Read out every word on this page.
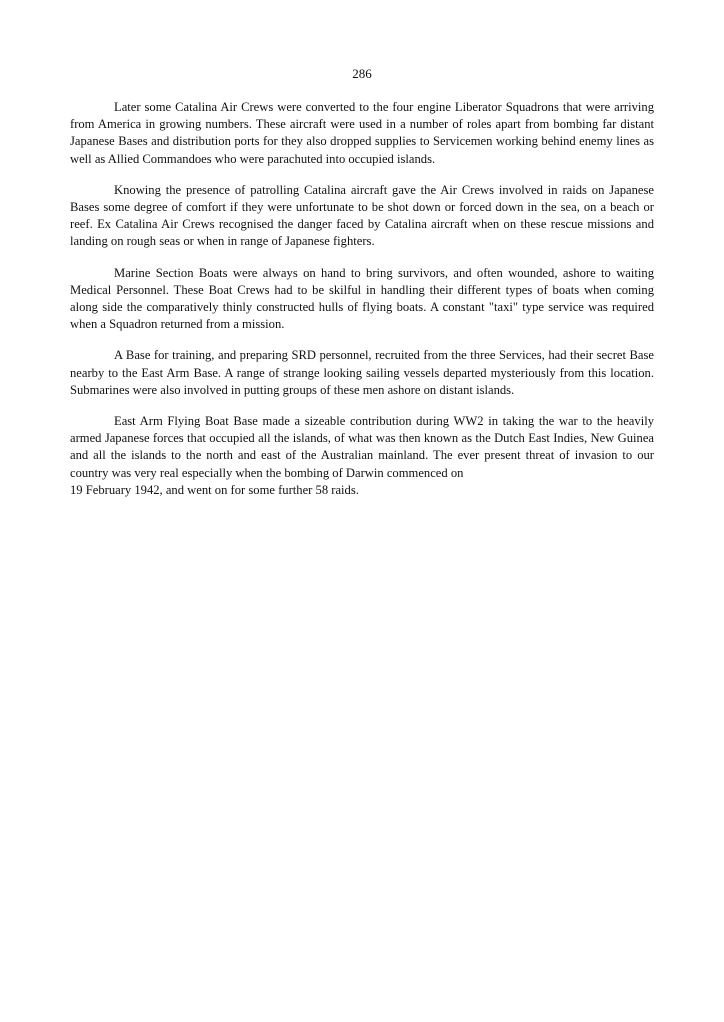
286

Later some Catalina Air Crews were converted to the four engine Liberator Squadrons that were arriving from America in growing numbers. These aircraft were used in a number of roles apart from bombing far distant Japanese Bases and distribution ports for they also dropped supplies to Servicemen working behind enemy lines as well as Allied Commandoes who were parachuted into occupied islands.

Knowing the presence of patrolling Catalina aircraft gave the Air Crews involved in raids on Japanese Bases some degree of comfort if they were unfortunate to be shot down or forced down in the sea, on a beach or reef. Ex Catalina Air Crews recognised the danger faced by Catalina aircraft when on these rescue missions and landing on rough seas or when in range of Japanese fighters.

Marine Section Boats were always on hand to bring survivors, and often wounded, ashore to waiting Medical Personnel. These Boat Crews had to be skilful in handling their different types of boats when coming along side the comparatively thinly constructed hulls of flying boats. A constant "taxi" type service was required when a Squadron returned from a mission.

A Base for training, and preparing SRD personnel, recruited from the three Services, had their secret Base nearby to the East Arm Base. A range of strange looking sailing vessels departed mysteriously from this location. Submarines were also involved in putting groups of these men ashore on distant islands.

East Arm Flying Boat Base made a sizeable contribution during WW2 in taking the war to the heavily armed Japanese forces that occupied all the islands, of what was then known as the Dutch East Indies, New Guinea and all the islands to the north and east of the Australian mainland. The ever present threat of invasion to our country was very real especially when the bombing of Darwin commenced on

19 February 1942, and went on for some further 58 raids.
